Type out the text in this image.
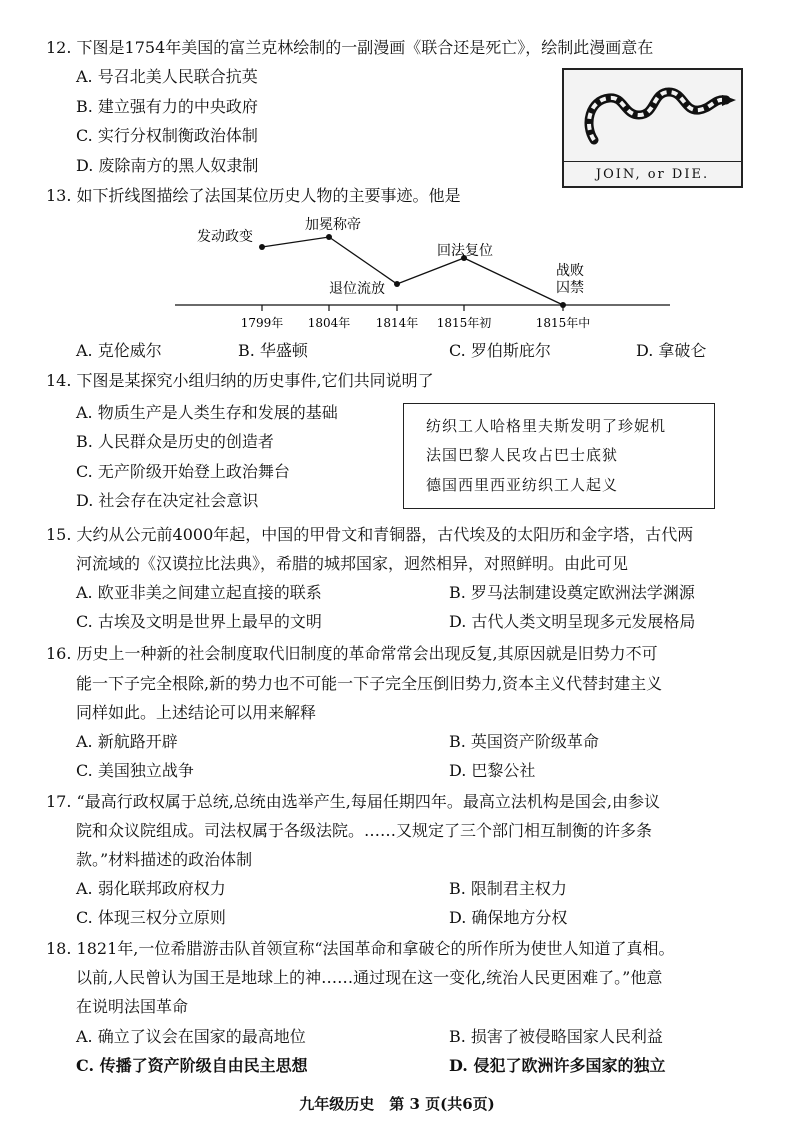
12. 下图是1754年美国的富兰克林绘制的一副漫画《联合还是死亡》，绘制此漫画意在
A. 号召北美人民联合抗英
B. 建立强有力的中央政府
C. 实行分权制衡政治体制
D. 废除南方的黑人奴隶制	JOIN, or DIE.
13. 如下折线图描绘了法国某位历史人物的主要事迹。他是
发动政变
1799年
加冕称帝
1804年
退位流放
1814年
回法复位
1815年初
战败
囚禁
1815年中
A. 克伦威尔	B. 华盛顿	C. 罗伯斯庇尔	D. 拿破仑
14. 下图是某探究小组归纳的历史事件,它们共同说明了
A. 物质生产是人类生存和发展的基础
B. 人民群众是历史的创造者
C. 无产阶级开始登上政治舞台
D. 社会存在决定社会意识
纺织工人哈格里夫斯发明了珍妮机
法国巴黎人民攻占巴士底狱
德国西里西亚纺织工人起义
15. 大约从公元前4000年起，中国的甲骨文和青铜器，古代埃及的太阳历和金字塔，古代两
河流域的《汉谟拉比法典》，希腊的城邦国家，迥然相异，对照鲜明。由此可见
A. 欧亚非美之间建立起直接的联系	B. 罗马法制建设奠定欧洲法学渊源
C. 古埃及文明是世界上最早的文明	D. 古代人类文明呈现多元发展格局
16. 历史上一种新的社会制度取代旧制度的革命常常会出现反复,其原因就是旧势力不可
能一下子完全根除,新的势力也不可能一下子完全压倒旧势力,资本主义代替封建主义
同样如此。上述结论可以用来解释
A. 新航路开辟	B. 英国资产阶级革命
C. 美国独立战争	D. 巴黎公社
17. “最高行政权属于总统,总统由选举产生,每届任期四年。最高立法机构是国会,由参议
院和众议院组成。司法权属于各级法院。……又规定了三个部门相互制衡的许多条
款。”材料描述的政治体制
A. 弱化联邦政府权力	B. 限制君主权力
C. 体现三权分立原则	D. 确保地方分权
18. 1821年,一位希腊游击队首领宣称“法国革命和拿破仑的所作所为使世人知道了真相。
以前,人民曾认为国王是地球上的神……通过现在这一变化,统治人民更困难了。”他意
在说明法国革命
A. 确立了议会在国家的最高地位	B. 损害了被侵略国家人民利益
C. 传播了资产阶级自由民主思想	D. 侵犯了欧洲许多国家的独立
九年级历史　第 3 页(共6页)
